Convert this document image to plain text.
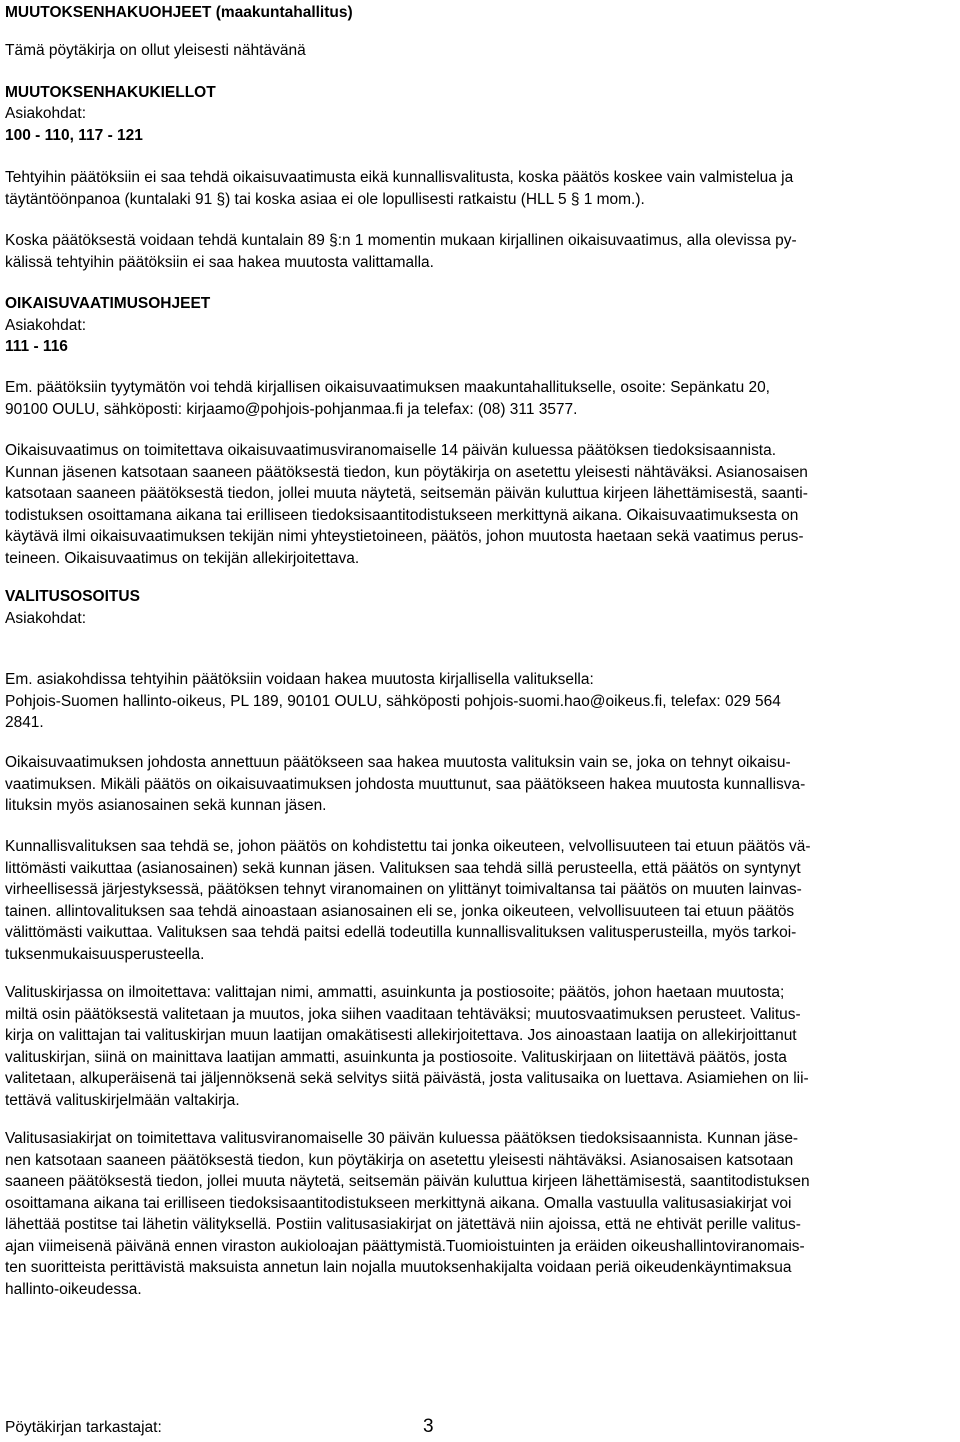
MUUTOKSENHAKUOHJEET (maakuntahallitus)
Tämä pöytäkirja on ollut yleisesti nähtävänä
MUUTOKSENHAKUKIELLOT
Asiakohdat:
100 - 110, 117 - 121
Tehtyihin päätöksiin ei saa tehdä oikaisuvaatimusta eikä kunnallisvalitusta, koska päätös koskee vain valmistelua ja
täytäntöönpanoa (kuntalaki 91 §) tai koska asiaa ei ole lopullisesti ratkaistu (HLL 5 § 1 mom.).
Koska päätöksestä voidaan tehdä kuntalain 89 §:n 1 momentin mukaan kirjallinen oikaisuvaatimus, alla olevissa py-
kälissä tehtyihin päätöksiin ei saa hakea muutosta valittamalla.
OIKAISUVAATIMUSOHJEET
Asiakohdat:
111 - 116
Em. päätöksiin tyytymätön voi tehdä kirjallisen oikaisuvaatimuksen maakuntahallitukselle, osoite: Sepänkatu 20,
90100 OULU, sähköposti: kirjaamo@pohjois-pohjanmaa.fi ja telefax: (08) 311 3577.
Oikaisuvaatimus on toimitettava oikaisuvaatimusviranomaiselle 14 päivän kuluessa päätöksen tiedoksisaannista.
Kunnan jäsenen katsotaan saaneen päätöksestä tiedon, kun pöytäkirja on asetettu yleisesti nähtäväksi. Asianosaisen
katsotaan saaneen päätöksestä tiedon, jollei muuta näytetä, seitsemän päivän kuluttua kirjeen lähettämisestä, saanti-
todistuksen osoittamana aikana tai erilliseen tiedoksisaantitodistukseen merkittynä aikana. Oikaisuvaatimuksesta on
käytävä ilmi oikaisuvaatimuksen tekijän nimi yhteystietoineen, päätös, johon muutosta haetaan sekä vaatimus perus-
teineen. Oikaisuvaatimus on tekijän allekirjoitettava.
VALITUSOSOITUS
Asiakohdat:
Em. asiakohdissa tehtyihin päätöksiin voidaan hakea muutosta kirjallisella valituksella:
Pohjois-Suomen hallinto-oikeus, PL 189, 90101 OULU, sähköposti pohjois-suomi.hao@oikeus.fi, telefax: 029 564
2841.
Oikaisuvaatimuksen johdosta annettuun päätökseen saa hakea muutosta valituksin vain se, joka on tehnyt oikaisu-
vaatimuksen. Mikäli päätös on oikaisuvaatimuksen johdosta muuttunut, saa päätökseen hakea muutosta kunnallisva-
lituksin myös asianosainen sekä kunnan jäsen.
Kunnallisvalituksen saa tehdä se, johon päätös on kohdistettu tai jonka oikeuteen, velvollisuuteen tai etuun päätös vä-
littömästi vaikuttaa (asianosainen) sekä kunnan jäsen. Valituksen saa tehdä sillä perusteella, että päätös on syntynyt
virheellisessä järjestyksessä, päätöksen tehnyt viranomainen on ylittänyt toimivaltansa tai päätös on muuten lainvas-
tainen. allintovalituksen saa tehdä ainoastaan asianosainen eli se, jonka oikeuteen, velvollisuuteen tai etuun päätös
välittömästi vaikuttaa. Valituksen saa tehdä paitsi edellä todeutilla kunnallisvalituksen valitusperusteilla, myös tarkoi-
tuksenmukaisuusperusteella.
Valituskirjassa on ilmoitettava: valittajan nimi, ammatti, asuinkunta ja postiosoite; päätös, johon haetaan muutosta;
miltä osin päätöksestä valitetaan ja muutos, joka siihen vaaditaan tehtäväksi; muutosvaatimuksen perusteet. Valitus-
kirja on valittajan tai valituskirjan muun laatijan omakätisesti allekirjoitettava. Jos ainoastaan laatija on allekirjoittanut
valituskirjan, siinä on mainittava laatijan ammatti, asuinkunta ja postiosoite. Valituskirjaan on liitettävä päätös, josta
valitetaan, alkuperäisenä tai jäljennöksenä sekä selvitys siitä päivästä, josta valitusaika on luettava. Asiamiehen on lii-
tettävä valituskirjelmään valtakirja.
Valitusasiakirjat on toimitettava valitusviranomaiselle 30 päivän kuluessa päätöksen tiedoksisaannista. Kunnan jäse-
nen katsotaan saaneen päätöksestä tiedon, kun pöytäkirja on asetettu yleisesti nähtäväksi. Asianosaisen katsotaan
saaneen päätöksestä tiedon, jollei muuta näytetä, seitsemän päivän kuluttua kirjeen lähettämisestä, saantitodistuksen
osoittamana aikana tai erilliseen tiedoksisaantitodistukseen merkittynä aikana. Omalla vastuulla valitusasiakirjat voi
lähettää postitse tai lähetin välityksellä. Postiin valitusasiakirjat on jätettävä niin ajoissa, että ne ehtivät perille valitus-
ajan viimeisenä päivänä ennen viraston aukioloajan päättymistä.Tuomioistuinten ja eräiden oikeushallintoviranomais-
ten suoritteista perittävistä maksuista annetun lain nojalla muutoksenhakijalta voidaan periä oikeudenkäyntimaksua
hallinto-oikeudessa.
Pöytäkirjan tarkastajat:	3
